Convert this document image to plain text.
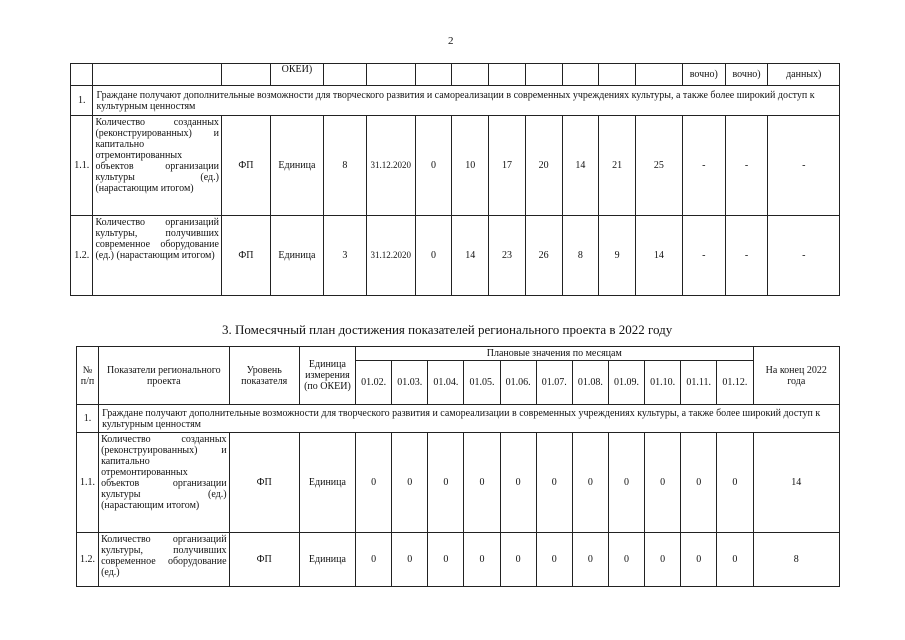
2
			ОКЕИ)										вочно)	вочно)	данных)
1.	Граждане получают дополнительные возможности для творческого развития и самореализации в современных учреждениях культуры, а также более широкий доступ к культурным ценностям														
1.1.	Количество созданных (реконструированных) и капитально отремонтированных объектов организации культуры (ед.) (нарастающим итогом)	ФП	Единица	8	31.12.2020	0	10	17	20	14	21	25	-	-	-
1.2.	Количество организаций культуры, получивших современное оборудование (ед.) (нарастающим итогом)	ФП	Единица	3	31.12.2020	0	14	23	26	8	9	14	-	-	-
3. Помесячный план достижения показателей регионального проекта в 2022 году
№ п/п	Показатели регионального проекта	Уровень показателя	Единица измерения (по ОКЕИ)	Плановые значения по месяцам											На конец 2022 года
				01.02.	01.03.	01.04.	01.05.	01.06.	01.07.	01.08.	01.09.	01.10.	01.11.	01.12.	
1.	Граждане получают дополнительные возможности для творческого развития и самореализации в современных учреждениях культуры, а также более широкий доступ к культурным ценностям														
1.1.	Количество созданных (реконструированных) и капитально отремонтированных объектов организации культуры (ед.) (нарастающим итогом)	ФП	Единица	0	0	0	0	0	0	0	0	0	0	0	14
1.2.	Количество организаций культуры, получивших современное оборудование (ед.)	ФП	Единица	0	0	0	0	0	0	0	0	0	0	0	8
